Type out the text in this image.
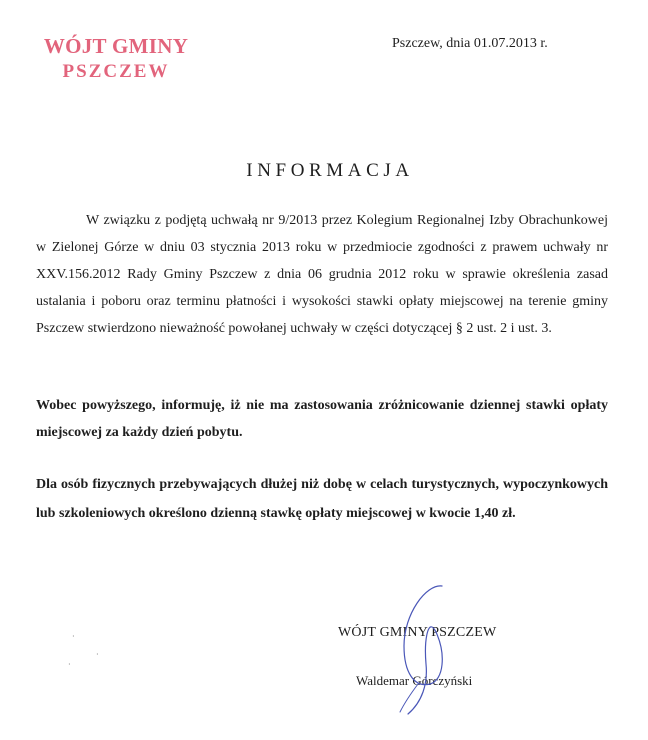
WÓJT GMINY
PSZCZEW
Pszczew, dnia 01.07.2013 r.
INFORMACJA
W związku z podjętą uchwałą nr 9/2013 przez Kolegium Regionalnej Izby Obrachunkowej w Zielonej Górze w dniu 03 stycznia 2013 roku w przedmiocie zgodności z prawem uchwały nr XXV.156.2012 Rady Gminy Pszczew z dnia 06 grudnia 2012 roku w sprawie określenia zasad ustalania i poboru oraz terminu płatności i wysokości stawki opłaty miejscowej na terenie gminy Pszczew stwierdzono nieważność powołanej uchwały w części dotyczącej § 2 ust. 2 i ust. 3.
Wobec powyższego, informuję, iż nie ma zastosowania zróżnicowanie dziennej stawki opłaty miejscowej za każdy dzień pobytu.
Dla osób fizycznych przebywających dłużej niż dobę w celach turystycznych, wypoczynkowych lub szkoleniowych określono dzienną stawkę opłaty miejscowej w kwocie 1,40 zł.
WÓJT GMINY PSZCZEW
Waldemar Górczyński
·
·
·
